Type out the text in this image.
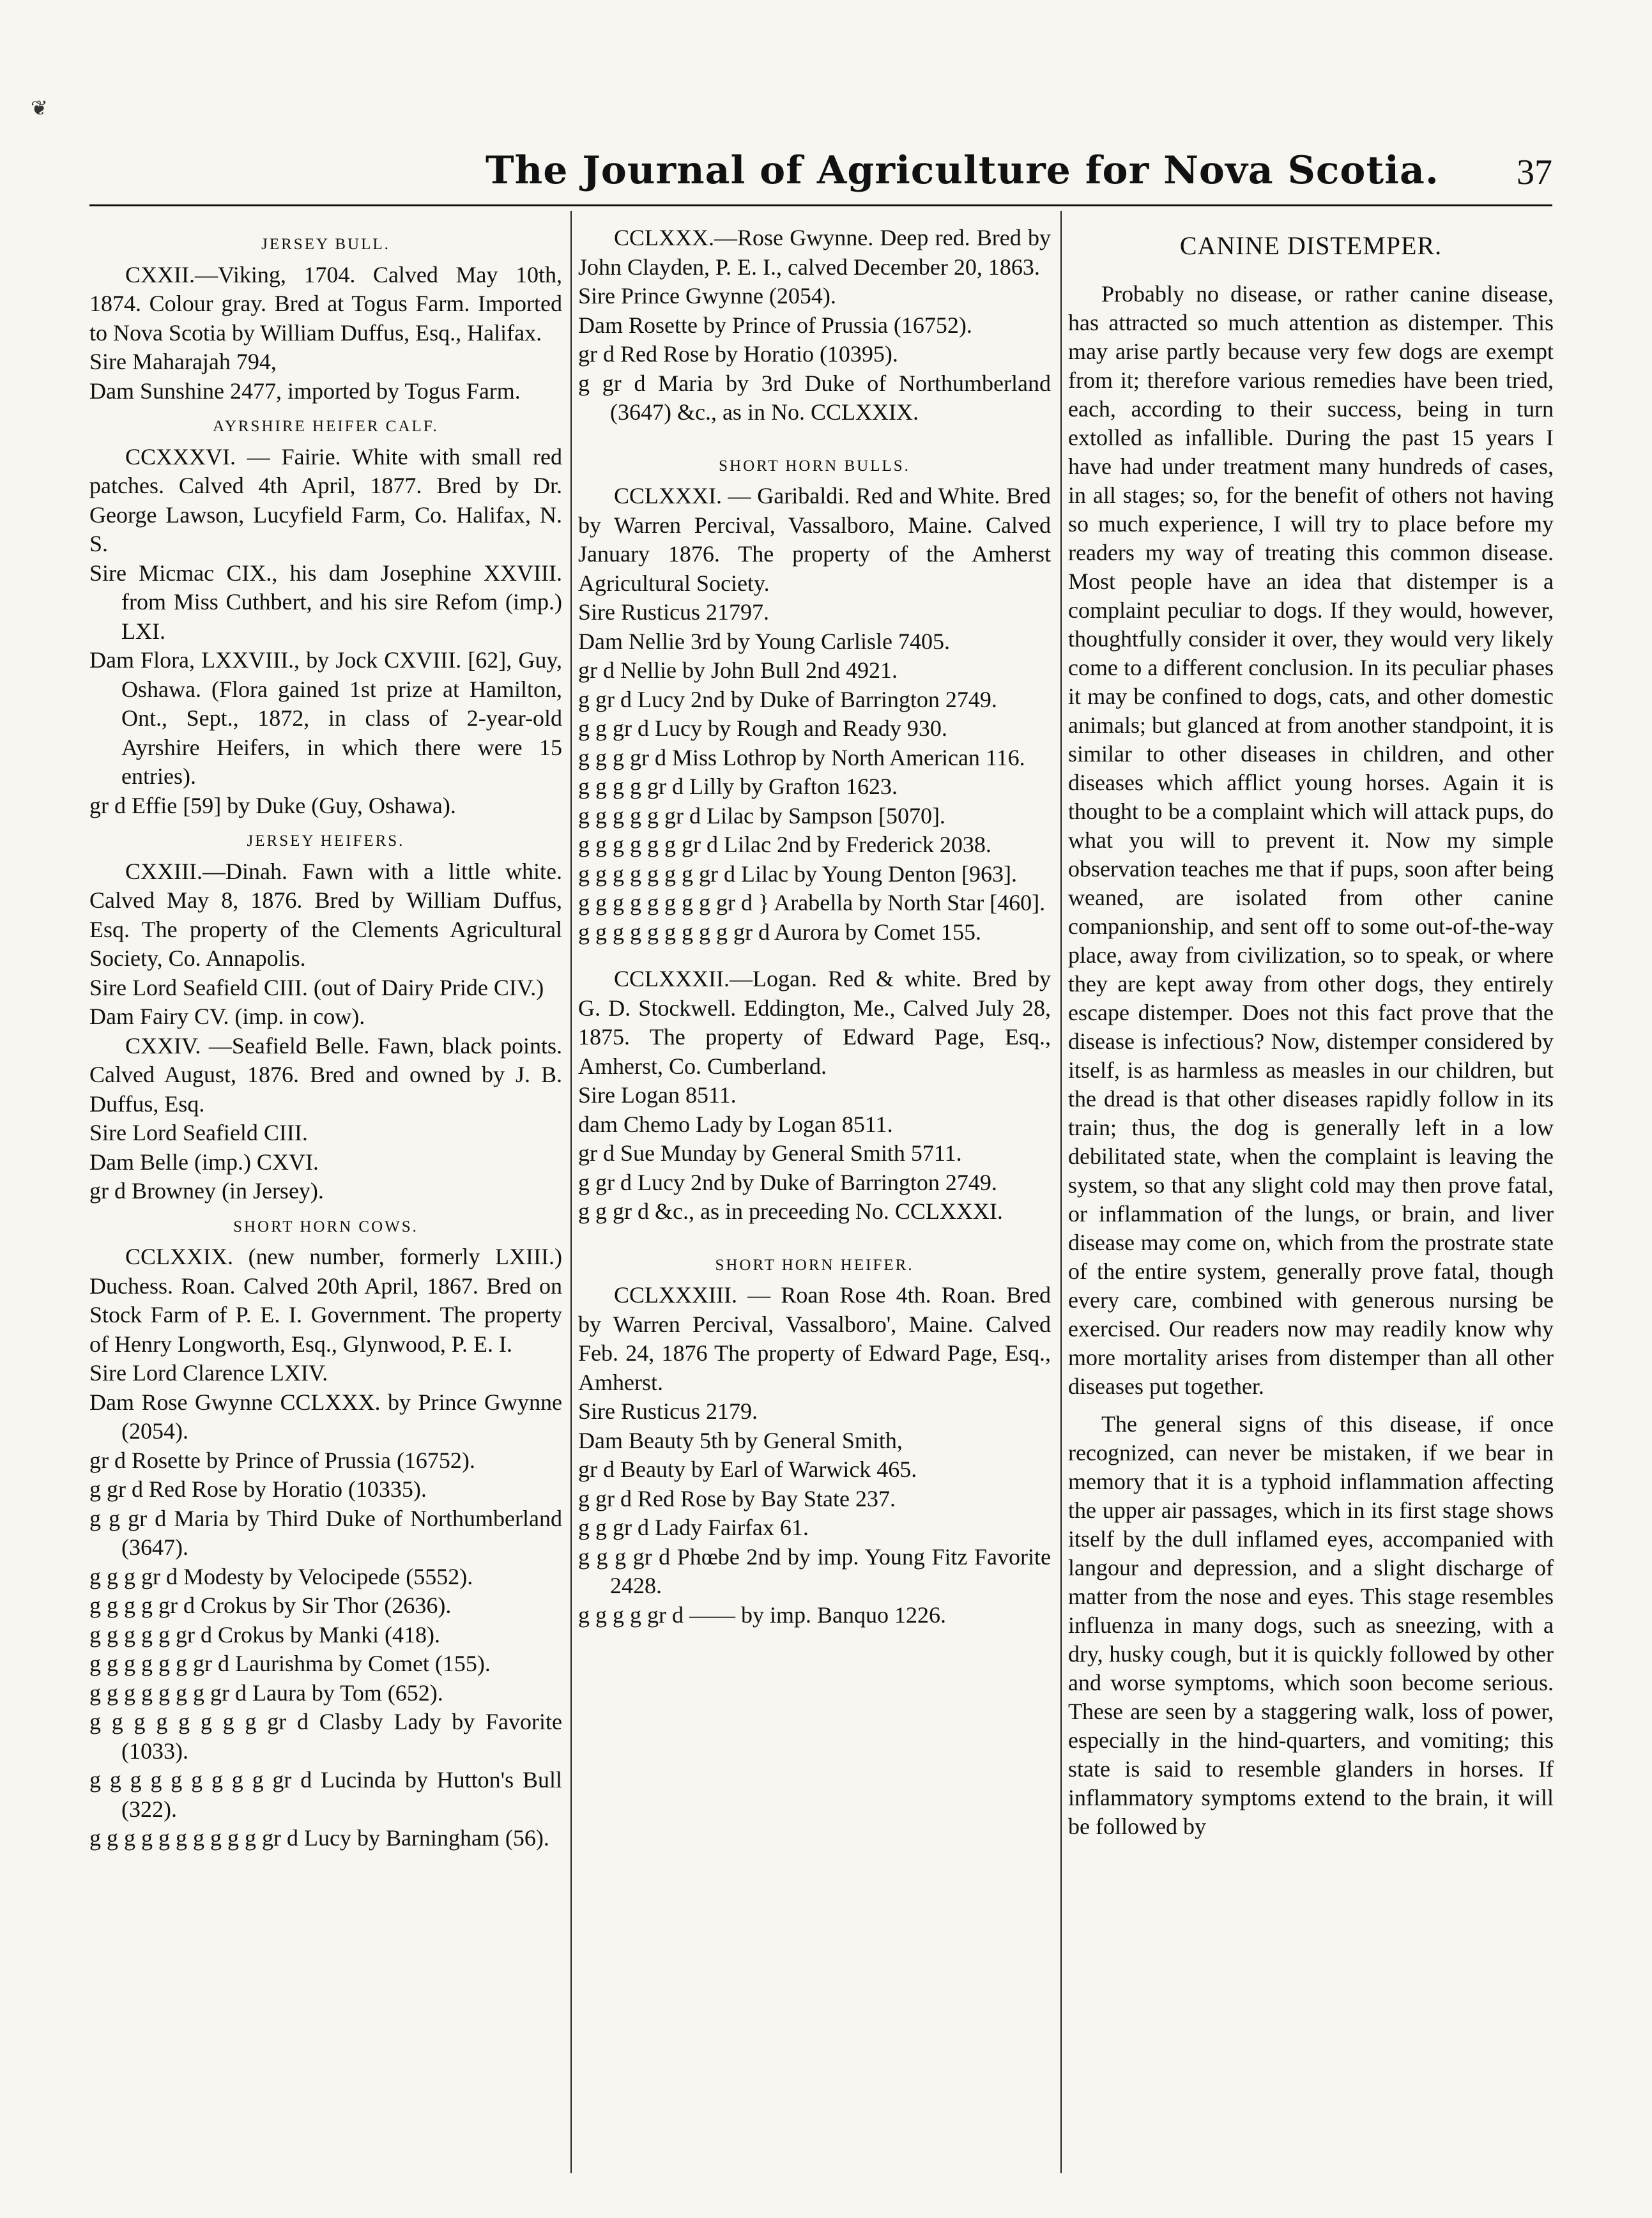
The Journal of Agriculture for Nova Scotia. 37
❦
JERSEY BULL.

CXXII.—Viking, 1704. Calved May 10th, 1874. Colour gray. Bred at Togus Farm. Imported to Nova Scotia by William Duffus, Esq., Halifax.

Sire Maharajah 794,

Dam Sunshine 2477, imported by Togus Farm.

AYRSHIRE HEIFER CALF.

CCXXXVI. — Fairie. White with small red patches. Calved 4th April, 1877. Bred by Dr. George Lawson, Lucyfield Farm, Co. Halifax, N. S.

Sire Micmac CIX., his dam Josephine XXVIII. from Miss Cuthbert, and his sire Refom (imp.) LXI.

Dam Flora, LXXVIII., by Jock CXVIII. [62], Guy, Oshawa. (Flora gained 1st prize at Hamilton, Ont., Sept., 1872, in class of 2-year-old Ayrshire Heifers, in which there were 15 entries).

gr d Effie [59] by Duke (Guy, Oshawa).

JERSEY HEIFERS.

CXXIII.—Dinah. Fawn with a little white. Calved May 8, 1876. Bred by William Duffus, Esq. The property of the Clements Agricultural Society, Co. Annapolis.

Sire Lord Seafield CIII. (out of Dairy Pride CIV.)

Dam Fairy CV. (imp. in cow).

CXXIV. —Seafield Belle. Fawn, black points. Calved August, 1876. Bred and owned by J. B. Duffus, Esq.

Sire Lord Seafield CIII.

Dam Belle (imp.) CXVI.

gr d Browney (in Jersey).

SHORT HORN COWS.

CCLXXIX. (new number, formerly LXIII.) Duchess. Roan. Calved 20th April, 1867. Bred on Stock Farm of P. E. I. Government. The property of Henry Longworth, Esq., Glynwood, P. E. I.

Sire Lord Clarence LXIV.

Dam Rose Gwynne CCLXXX. by Prince Gwynne (2054).

gr d Rosette by Prince of Prussia (16752).

g gr d Red Rose by Horatio (10335).

g g gr d Maria by Third Duke of Northumberland (3647).

g g g gr d Modesty by Velocipede (5552).

g g g g gr d Crokus by Sir Thor (2636).

g g g g g gr d Crokus by Manki (418).

g g g g g g gr d Laurishma by Comet (155).

g g g g g g g gr d Laura by Tom (652).

g g g g g g g g gr d Clasby Lady by Favorite (1033).

g g g g g g g g g gr d Lucinda by Hutton's Bull (322).

g g g g g g g g g g gr d Lucy by Barningham (56).

CCLXXX.—Rose Gwynne. Deep red. Bred by John Clayden, P. E. I., calved December 20, 1863.

Sire Prince Gwynne (2054).

Dam Rosette by Prince of Prussia (16752).

gr d Red Rose by Horatio (10395).

g gr d Maria by 3rd Duke of Northumberland (3647) &c., as in No. CCLXXIX.

SHORT HORN BULLS.

CCLXXXI. — Garibaldi. Red and White. Bred by Warren Percival, Vassalboro, Maine. Calved January 1876. The property of the Amherst Agricultural Society.

Sire Rusticus 21797.

Dam Nellie 3rd by Young Carlisle 7405.

gr d Nellie by John Bull 2nd 4921.

g gr d Lucy 2nd by Duke of Barrington 2749.

g g gr d Lucy by Rough and Ready 930.

g g g gr d Miss Lothrop by North American 116.

g g g g gr d Lilly by Grafton 1623.

g g g g g gr d Lilac by Sampson [5070].

g g g g g g gr d Lilac 2nd by Frederick 2038.

g g g g g g g gr d Lilac by Young Denton [963].

g g g g g g g g gr d } Arabella by North Star [460].

g g g g g g g g g gr d Aurora by Comet 155.

CCLXXXII.—Logan. Red & white. Bred by G. D. Stockwell. Eddington, Me., Calved July 28, 1875. The property of Edward Page, Esq., Amherst, Co. Cumberland.

Sire Logan 8511.

dam Chemo Lady by Logan 8511.

gr d Sue Munday by General Smith 5711.

g gr d Lucy 2nd by Duke of Barrington 2749.

g g gr d &c., as in preceeding No. CCLXXXI.

SHORT HORN HEIFER.

CCLXXXIII. — Roan Rose 4th. Roan. Bred by Warren Percival, Vassalboro', Maine. Calved Feb. 24, 1876 The property of Edward Page, Esq., Amherst.

Sire Rusticus 2179.

Dam Beauty 5th by General Smith,

gr d Beauty by Earl of Warwick 465.

g gr d Red Rose by Bay State 237.

g g gr d Lady Fairfax 61.

g g g gr d Phœbe 2nd by imp. Young Fitz Favorite 2428.

g g g g gr d —— by imp. Banquo 1226.

CANINE DISTEMPER.

Probably no disease, or rather canine disease, has attracted so much attention as distemper. This may arise partly because very few dogs are exempt from it; therefore various remedies have been tried, each, according to their success, being in turn extolled as infallible. During the past 15 years I have had under treatment many hundreds of cases, in all stages; so, for the benefit of others not having so much experience, I will try to place before my readers my way of treating this common disease. Most people have an idea that distemper is a complaint peculiar to dogs. If they would, however, thoughtfully consider it over, they would very likely come to a different conclusion. In its peculiar phases it may be confined to dogs, cats, and other domestic animals; but glanced at from another standpoint, it is similar to other diseases in children, and other diseases which afflict young horses. Again it is thought to be a complaint which will attack pups, do what you will to prevent it. Now my simple observation teaches me that if pups, soon after being weaned, are isolated from other canine companionship, and sent off to some out-of-the-way place, away from civilization, so to speak, or where they are kept away from other dogs, they entirely escape distemper. Does not this fact prove that the disease is infectious? Now, distemper considered by itself, is as harmless as measles in our children, but the dread is that other diseases rapidly follow in its train; thus, the dog is generally left in a low debilitated state, when the complaint is leaving the system, so that any slight cold may then prove fatal, or inflammation of the lungs, or brain, and liver disease may come on, which from the prostrate state of the entire system, generally prove fatal, though every care, combined with generous nursing be exercised. Our readers now may readily know why more mortality arises from distemper than all other diseases put together.

The general signs of this disease, if once recognized, can never be mistaken, if we bear in memory that it is a typhoid inflammation affecting the upper air passages, which in its first stage shows itself by the dull inflamed eyes, accompanied with langour and depression, and a slight discharge of matter from the nose and eyes. This stage resembles influenza in many dogs, such as sneezing, with a dry, husky cough, but it is quickly followed by other and worse symptoms, which soon become serious. These are seen by a staggering walk, loss of power, especially in the hind-quarters, and vomiting; this state is said to resemble glanders in horses. If inflammatory symptoms extend to the brain, it will be followed by
